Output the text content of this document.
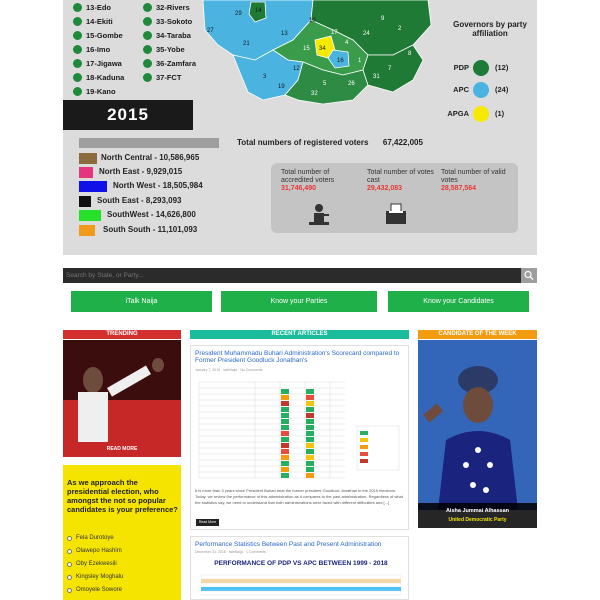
13-Edo
14-Ekiti
15-Gombe
16-Imo
17-Jigawa
18-Kaduna
19-Kano
32-Rivers
33-Sokoto
34-Taraba
35-Yobe
36-Zamfara
37-FCT
29 14
27	13
10
2
4
34
16
17
9
12
1
3
15
5	26
32
24
7
8
21
31
19
Governors by party affiliation
PDP	(12)
APC	(24)
APGA	(1)
2015
Total numbers of registered voters 67,422,005
North Central - 10,586,965
North East - 9,929,015
North West - 18,505,984
South East - 8,293,093
SouthWest - 14,626,800
South South - 11,101,093
Total number of accredited voters
31,746,490
Total number of votes cast
29,432,083
Total number of valid votes
28,587,564
Search by State, or Party...
iTalk Naija	Know your Parties	Know your Candidates
TRENDING
READ MORE
As we approach the presidential election, who amongst the not so popular candidates is your preference?
Fela Durotoye
Olawepo Hashim
Oby Ezekwesili
Kingsley Moghalu
Omoyele Sowore
RECENT ARTICLES
President Muhammadu Buhari Administration's Scorecard compared to Former President Goodluck Jonathan's
January 7, 2019 · iwieNaija · No Comments
It is more than 3 years since President Buhari beat the former president Goodluck Jonathan in the 2015 elections. Today, we review the performance of this administration as it compares to the past administration. Regardless of what the statistics say, we need to understand that both administrations were faced with different difficulties and [...]
Read More
Performance Statistics Between Past and Present Administration
December 31, 2018 · iwieNaija · 1 Comments
PERFORMANCE OF PDP VS APC BETWEEN 1999 - 2018
CANDIDATE OF THE WEEK
Aisha Jummai Alhassan
United Democratic Party
